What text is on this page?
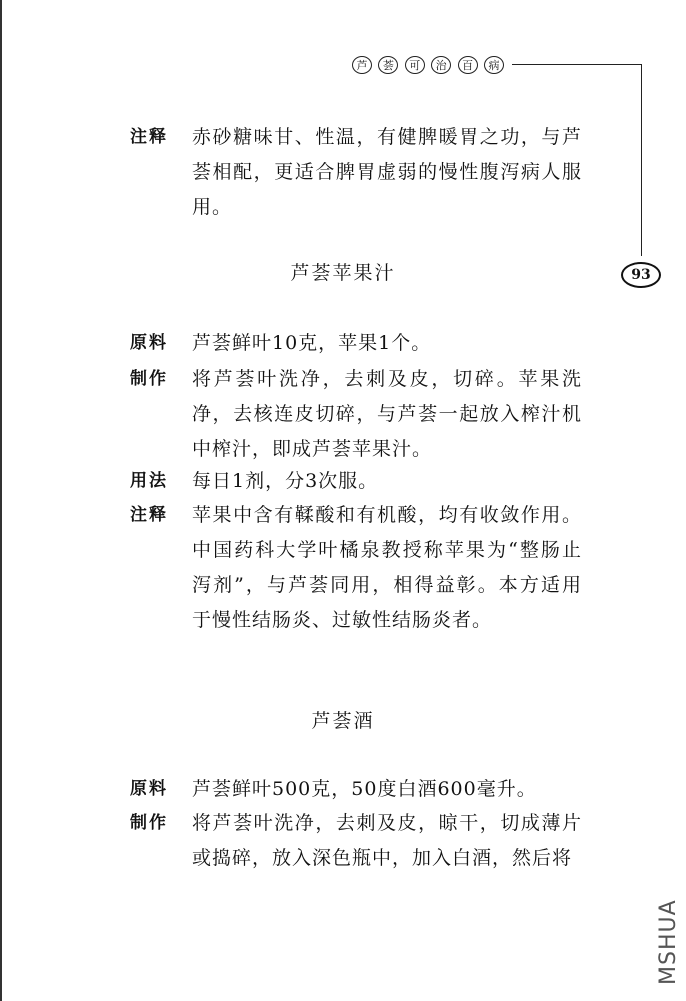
芦	荟	可	治	百	病
93
注释 赤砂糖味甘、性温，有健脾暖胃之功，与芦荟相配，更适合脾胃虚弱的慢性腹泻病人服用。
芦荟苹果汁
原料 芦荟鲜叶10克，苹果1个。
制作 将芦荟叶洗净，去刺及皮，切碎。苹果洗净，去核连皮切碎，与芦荟一起放入榨汁机中榨汁，即成芦荟苹果汁。
用法 每日1剂，分3次服。
注释 苹果中含有鞣酸和有机酸，均有收敛作用。中国药科大学叶橘泉教授称苹果为“整肠止泻剂”，与芦荟同用，相得益彰。本方适用于慢性结肠炎、过敏性结肠炎者。
芦荟酒
原料 芦荟鲜叶500克，50度白酒600毫升。
制作 将芦荟叶洗净，去刺及皮，晾干，切成薄片或捣碎，放入深色瓶中，加入白酒，然后将
MSHUA
